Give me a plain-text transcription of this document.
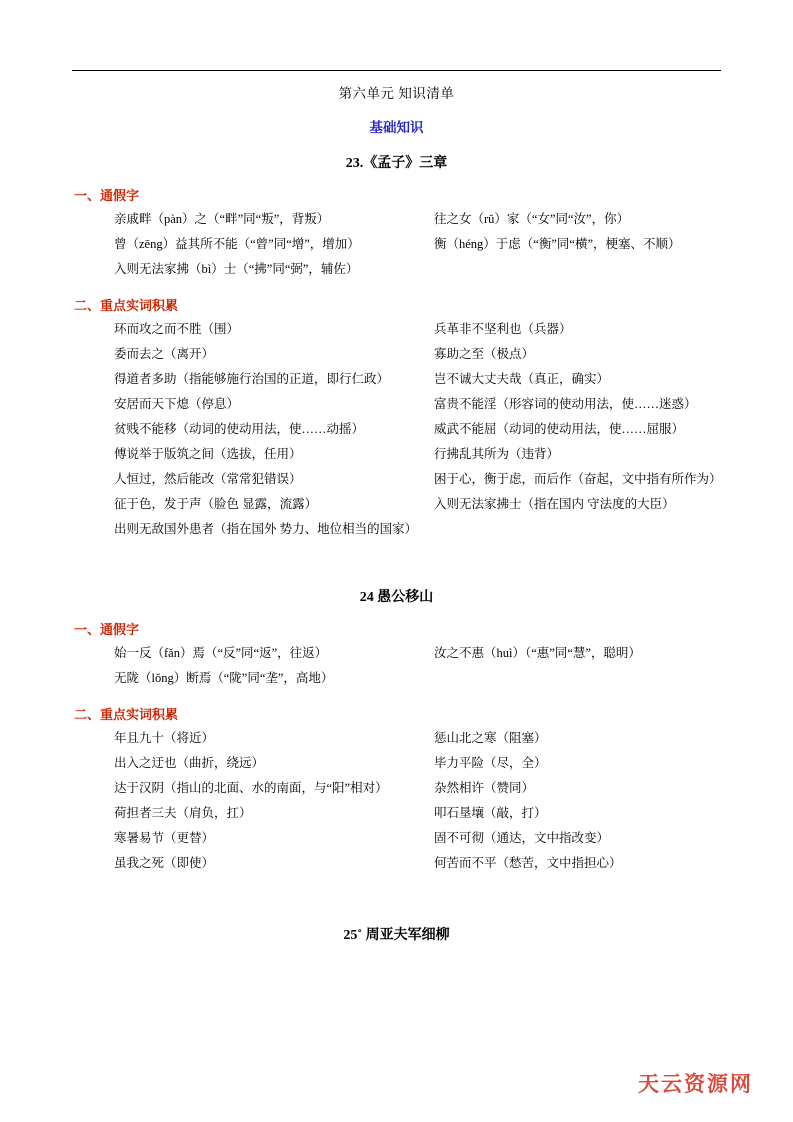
第六单元 知识清单
基础知识
23.《孟子》三章
一、通假字
亲戚畔（pàn）之（“畔”同“叛”，背叛）	往之女（rǔ）家（“女”同“汝”，你）
曾（zēng）益其所不能（“曾”同“增”，增加）	衡（héng）于虑（“衡”同“横”，梗塞、不顺）
入则无法家拂（bì）士（“拂”同“弼”，辅佐）
二、重点实词积累
环而攻之而不胜（围）	兵革非不坚利也（兵器）
委而去之（离开）	寡助之至（极点）
得道者多助（指能够施行治国的正道，即行仁政）	岂不诚大丈夫哉（真正，确实）
安居而天下熄（停息）	富贵不能淫（形容词的使动用法，使……迷惑）
贫贱不能移（动词的使动用法，使……动摇）	威武不能屈（动词的使动用法，使……屈服）
傅说举于版筑之间（选拔，任用）	行拂乱其所为（违背）
人恒过，然后能改（常常犯错误）	困于心，衡于虑，而后作（奋起，文中指有所作为）
征于色，发于声（脸色 显露，流露）	入则无法家拂士（指在国内 守法度的大臣）
出则无敌国外患者（指在国外 势力、地位相当的国家）
24 愚公移山
一、通假字
始一反（fǎn）焉（“反”同“返”，往返）	汝之不惠（huì）（“惠”同“慧”，聪明）
无陇（lǒng）断焉（“陇”同“垄”，高地）
二、重点实词积累
年且九十（将近）	惩山北之寒（阻塞）
出入之迂也（曲折，绕远）	毕力平险（尽，全）
达于汉阴（指山的北面、水的南面，与“阳”相对）	杂然相许（赞同）
荷担者三夫（肩负，扛）	叩石垦壤（敲，打）
寒暑易节（更替）	固不可彻（通达，文中指改变）
虽我之死（即使）	何苦而不平（愁苦，文中指担心）
25˚ 周亚夫军细柳
天云资源网
